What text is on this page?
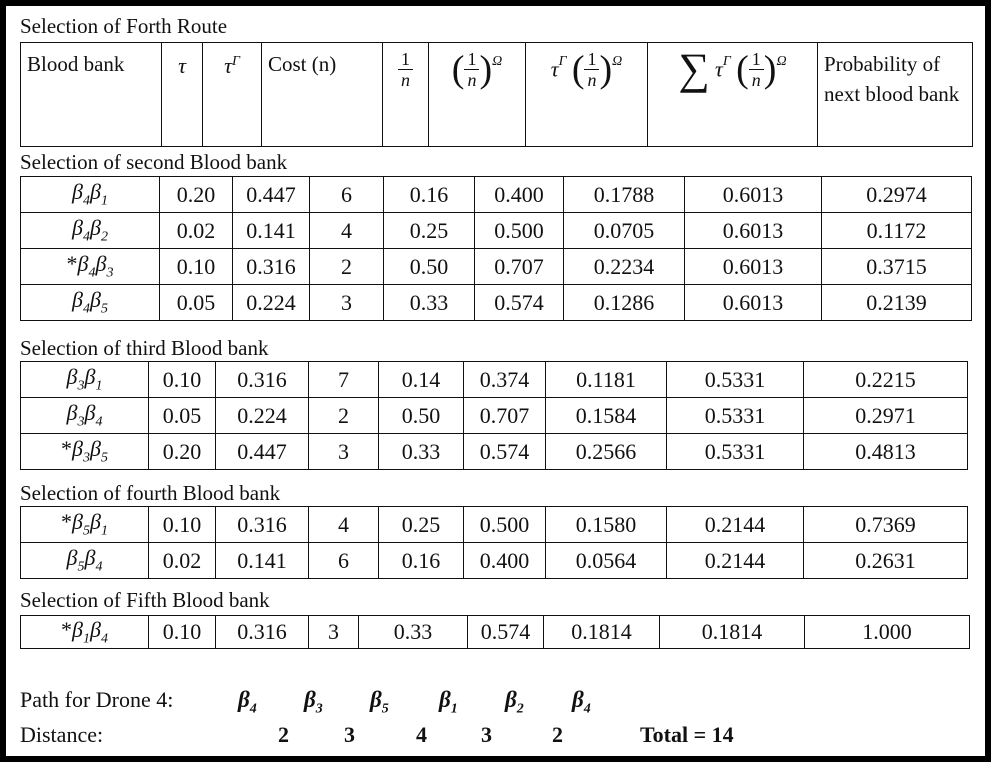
Selection of Forth Route
Blood bank	τ	$\tau^\Gamma$	Cost (n)	$\frac{1}{n}$	( $\frac{1}{n} )^\Omega$	$\tau^\Gamma$ ( $\frac{1}{n} )^\Omega$	∑ $\tau^\Gamma$ ( $\frac{1}{n} )^\Omega$	Probability of next blood bank
Selection of second Blood bank
$\beta_4\beta_1$	0.20	0.447	6	0.16	0.400	0.1788	0.6013	0.2974
$\beta_4\beta_2$	0.02	0.141	4	0.25	0.500	0.0705	0.6013	0.1172
$*\beta_4\beta_3$	0.10	0.316	2	0.50	0.707	0.2234	0.6013	0.3715
$\beta_4\beta_5$	0.05	0.224	3	0.33	0.574	0.1286	0.6013	0.2139
Selection of third Blood bank
$\beta_3\beta_1$	0.10	0.316	7	0.14	0.374	0.1181	0.5331	0.2215
$\beta_3\beta_4$	0.05	0.224	2	0.50	0.707	0.1584	0.5331	0.2971
$*\beta_3\beta_5$	0.20	0.447	3	0.33	0.574	0.2566	0.5331	0.4813
Selection of fourth Blood bank
$*\beta_5\beta_1$	0.10	0.316	4	0.25	0.500	0.1580	0.2144	0.7369
$\beta_5\beta_4$	0.02	0.141	6	0.16	0.400	0.0564	0.2144	0.2631
Selection of Fifth Blood bank
$*\beta_1\beta_4$	0.10	0.316	3	0.33	0.574	0.1814	0.1814	1.000
Path for Drone 4:	$\beta_4$ $\beta_3$ $\beta_5$ $\beta_1$ $\beta_2$ $\beta_4$
Distance:	2	3	4 3	2	Total = 14
